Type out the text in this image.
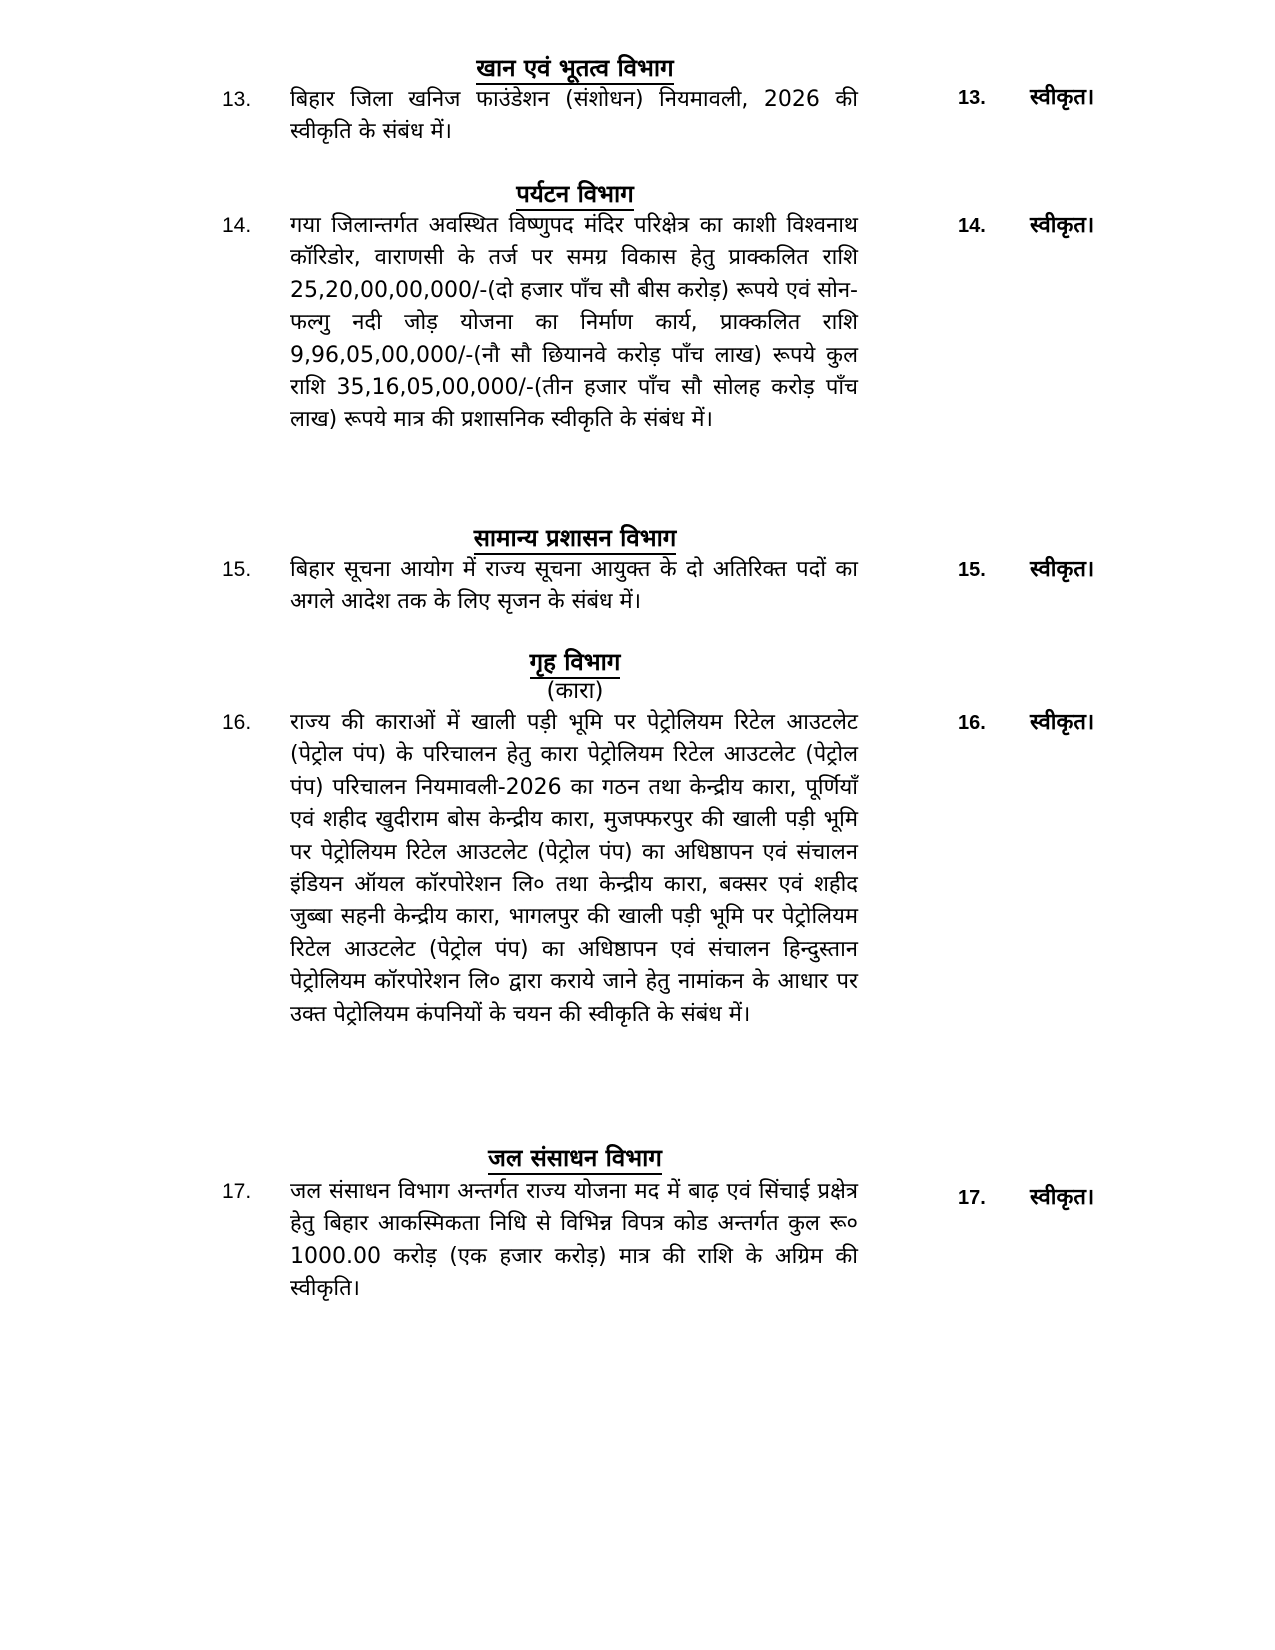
खान एवं भूतत्व विभाग
13. बिहार जिला खनिज फाउंडेशन (संशोधन) नियमावली, 2026 की स्वीकृति के संबंध में।
13. स्वीकृत।
पर्यटन विभाग
14. गया जिलान्तर्गत अवस्थित विष्णुपद मंदिर परिक्षेत्र का काशी विश्वनाथ कॉरिडोर, वाराणसी के तर्ज पर समग्र विकास हेतु प्राक्कलित राशि 25,20,00,00,000/-(दो हजार पाँच सौ बीस करोड़) रूपये एवं सोन-फल्गु नदी जोड़ योजना का निर्माण कार्य, प्राक्कलित राशि 9,96,05,00,000/-(नौ सौ छियानवे करोड़ पाँच लाख) रूपये कुल राशि 35,16,05,00,000/-(तीन हजार पाँच सौ सोलह करोड़ पाँच लाख) रूपये मात्र की प्रशासनिक स्वीकृति के संबंध में।
14. स्वीकृत।
सामान्य प्रशासन विभाग
15. बिहार सूचना आयोग में राज्य सूचना आयुक्त के दो अतिरिक्त पदों का अगले आदेश तक के लिए सृजन के संबंध में।
15. स्वीकृत।
गृह विभाग
(कारा)
16. राज्य की काराओं में खाली पड़ी भूमि पर पेट्रोलियम रिटेल आउटलेट (पेट्रोल पंप) के परिचालन हेतु कारा पेट्रोलियम रिटेल आउटलेट (पेट्रोल पंप) परिचालन नियमावली-2026 का गठन तथा केन्द्रीय कारा, पूर्णियाँ एवं शहीद खुदीराम बोस केन्द्रीय कारा, मुजफ्फरपुर की खाली पड़ी भूमि पर पेट्रोलियम रिटेल आउटलेट (पेट्रोल पंप) का अधिष्ठापन एवं संचालन इंडियन ऑयल कॉरपोरेशन लि० तथा केन्द्रीय कारा, बक्सर एवं शहीद जुब्बा सहनी केन्द्रीय कारा, भागलपुर की खाली पड़ी भूमि पर पेट्रोलियम रिटेल आउटलेट (पेट्रोल पंप) का अधिष्ठापन एवं संचालन हिन्दुस्तान पेट्रोलियम कॉरपोरेशन लि० द्वारा कराये जाने हेतु नामांकन के आधार पर उक्त पेट्रोलियम कंपनियों के चयन की स्वीकृति के संबंध में।
16. स्वीकृत।
जल संसाधन विभाग
17. जल संसाधन विभाग अन्तर्गत राज्य योजना मद में बाढ़ एवं सिंचाई प्रक्षेत्र हेतु बिहार आकस्मिकता निधि से विभिन्न विपत्र कोड अन्तर्गत कुल रू० 1000.00 करोड़ (एक हजार करोड़) मात्र की राशि के अग्रिम की स्वीकृति।
17. स्वीकृत।
